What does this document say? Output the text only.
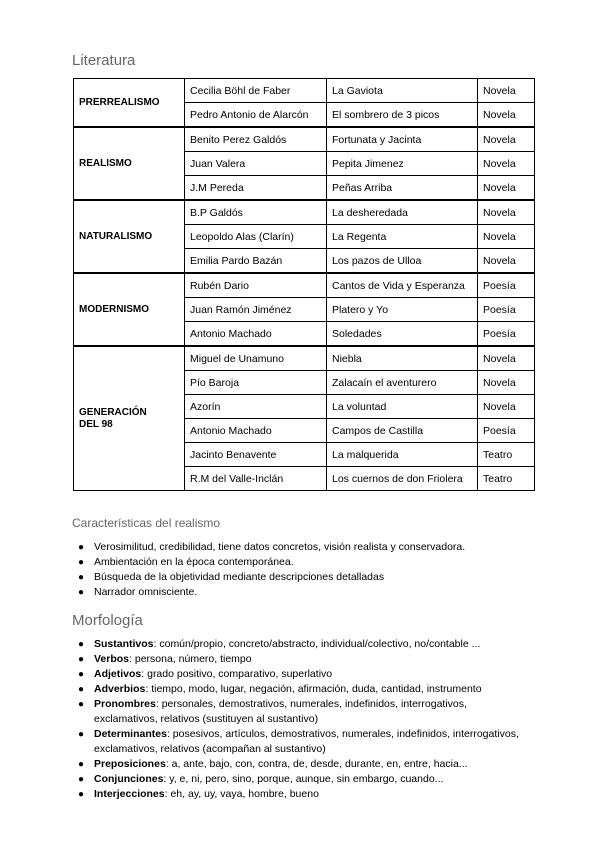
Literatura
PRERREALISMO	Cecilia Böhl de Faber	La Gaviota	Novela
	Pedro Antonio de Alarcón	El sombrero de 3 picos	Novela
REALISMO	Benito Perez Galdós	Fortunata y Jacinta	Novela
	Juan Valera	Pepita Jimenez	Novela
	J.M Pereda	Peñas Arriba	Novela
NATURALISMO	B.P Galdós	La desheredada	Novela
	Leopoldo Alas (Clarín)	La Regenta	Novela
	Emilia Pardo Bazán	Los pazos de Ulloa	Novela
MODERNISMO	Rubén Dario	Cantos de Vida y Esperanza	Poesía
	Juan Ramón Jiménez	Platero y Yo	Poesía
	Antonio Machado	Soledades	Poesía
GENERACIÓN
DEL 98	Miguel de Unamuno	Niebla	Novela
	Pío Baroja	Zalacaín el aventurero	Novela
	Azorín	La voluntad	Novela
	Antonio Machado	Campos de Castilla	Poesía
	Jacinto Benavente	La malquerida	Teatro
	R.M del Valle-Inclán	Los cuernos de don Friolera	Teatro
Características del realismo
● Verosimilitud, credibilidad, tiene datos concretos, visión realista y conservadora.
● Ambientación en la época contemporánea.
● Búsqueda de la objetividad mediante descripciones detalladas
● Narrador omnisciente.
Morfología
● Sustantivos: común/propio, concreto/abstracto, individual/colectivo, no/contable ...
● Verbos: persona, número, tiempo
● Adjetivos: grado positivo, comparativo, superlativo
● Adverbios: tiempo, modo, lugar, negación, afirmación, duda, cantidad, instrumento
● Pronombres: personales, demostrativos, numerales, indefinidos, interrogativos, exclamativos, relativos (sustituyen al sustantivo)
● Determinantes: posesivos, artículos, demostrativos, numerales, indefinidos, interrogativos, exclamativos, relativos (acompañan al sustantivo)
● Preposiciones: a, ante, bajo, con, contra, de, desde, durante, en, entre, hacia...
● Conjunciones: y, e, ni, pero, sino, porque, aunque, sin embargo, cuando...
● Interjecciones: eh, ay, uy, vaya, hombre, bueno
